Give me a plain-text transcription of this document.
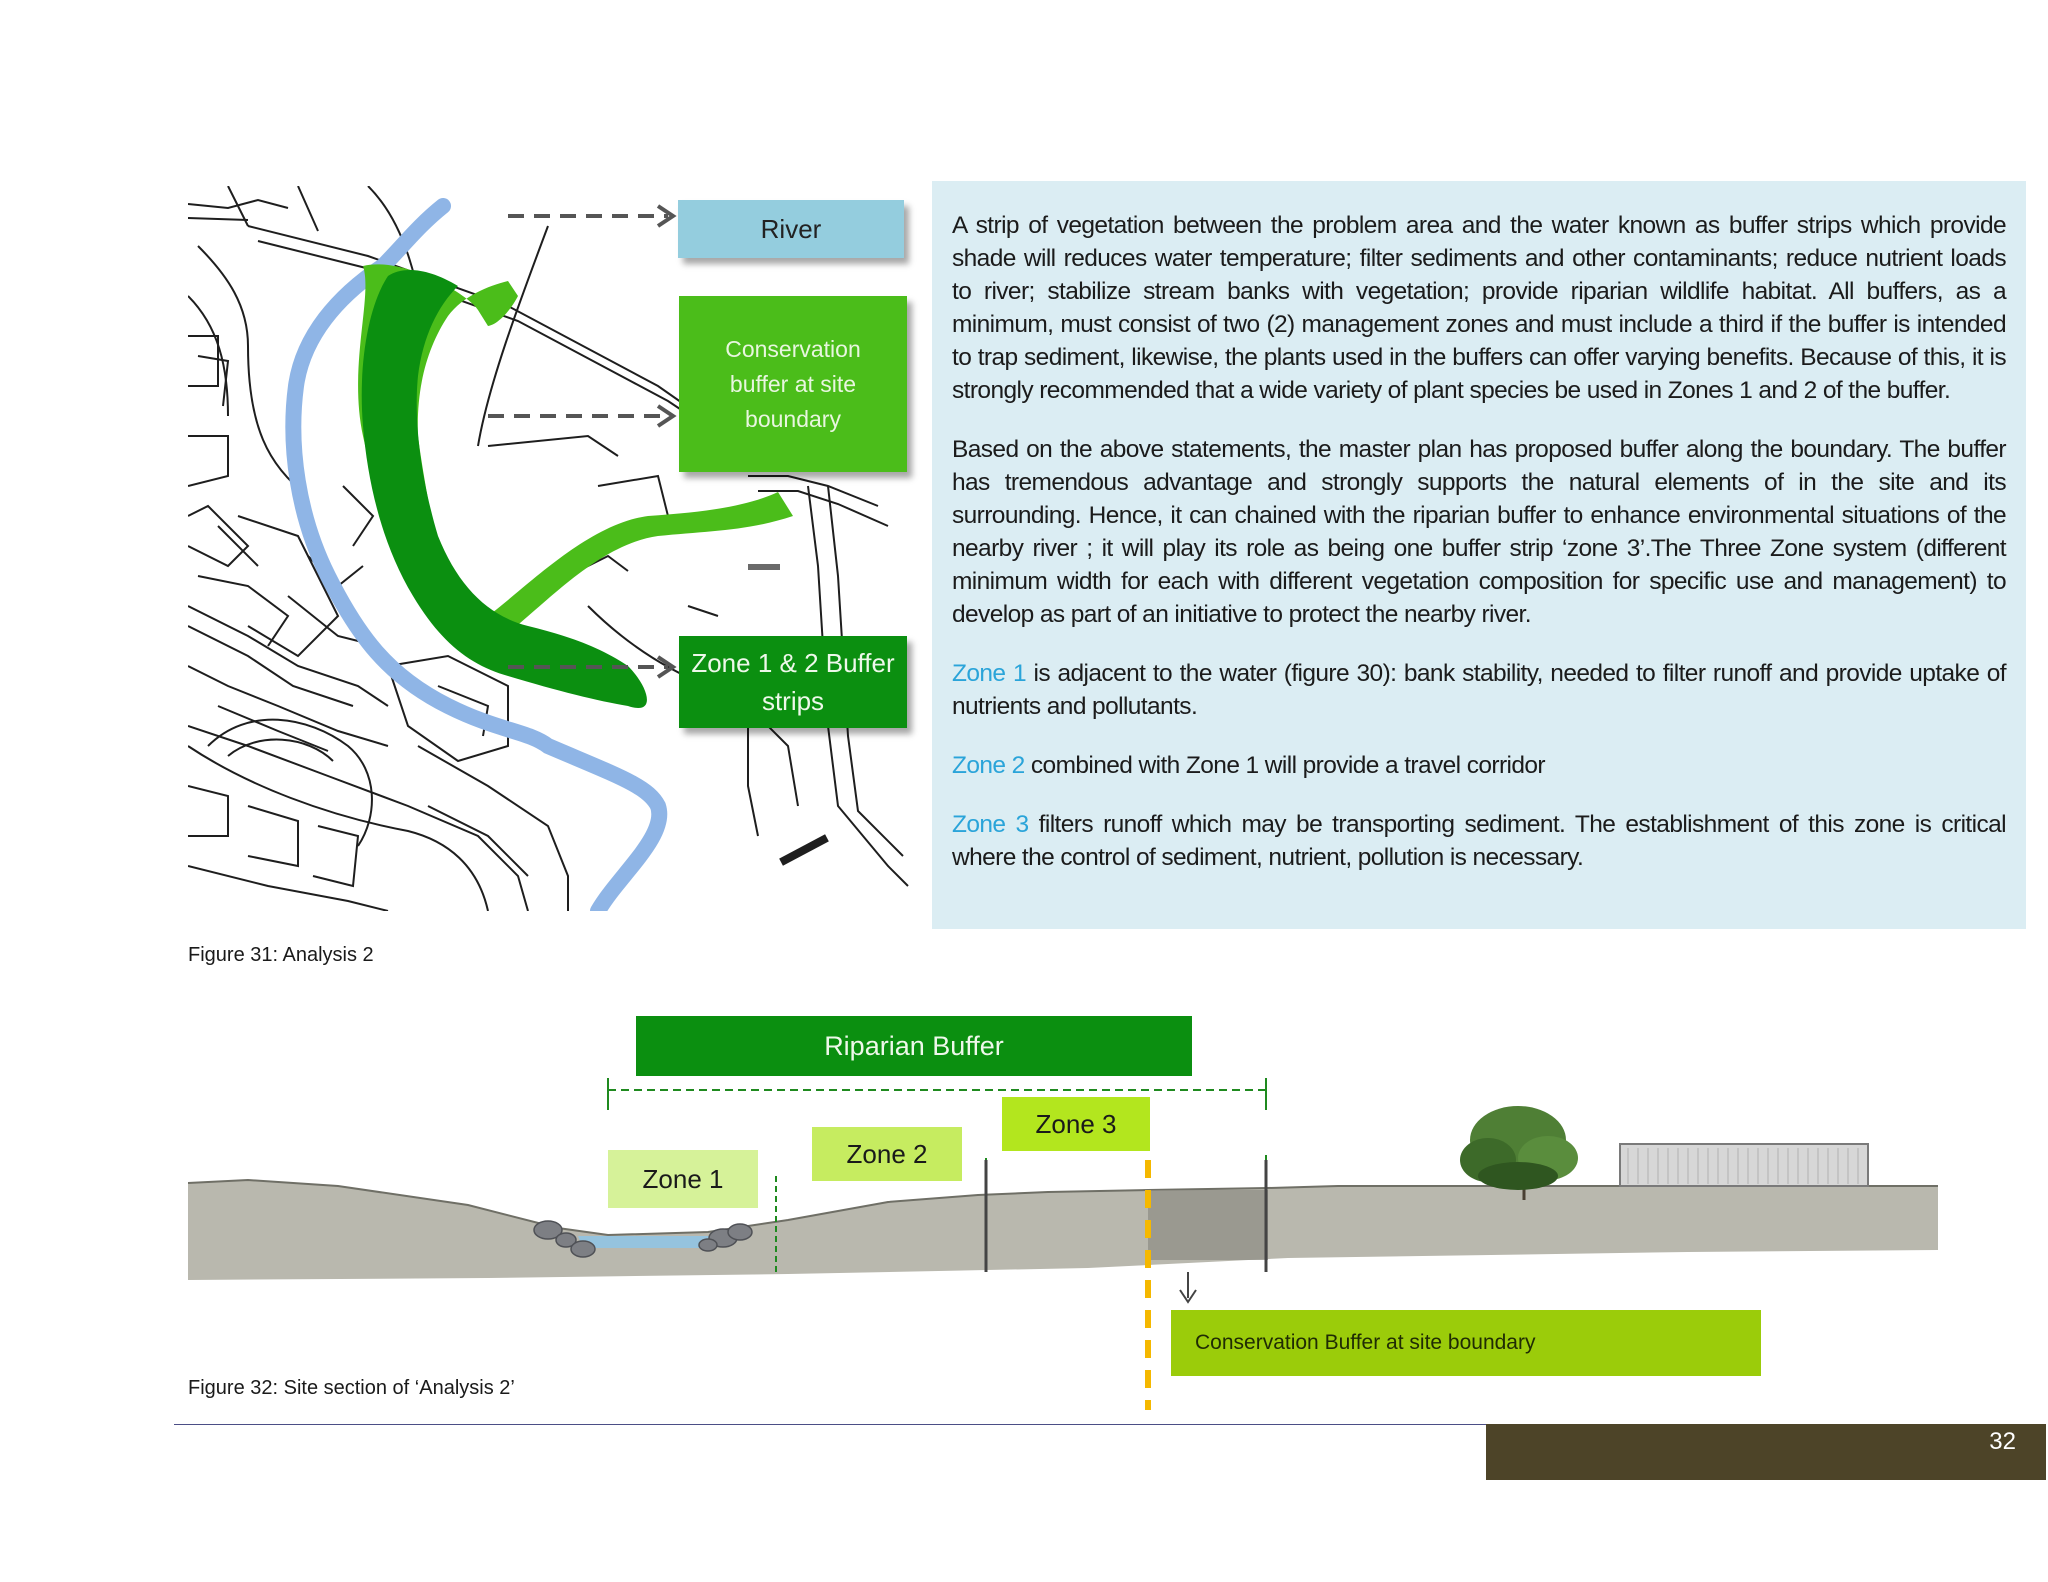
River
Conservation buffer at site boundary
Zone 1 & 2 Buffer strips
Figure 31: Analysis 2

A strip of vegetation between the problem area and the water known as buffer strips which provide shade will reduces water temperature; filter sediments and other contaminants; reduce nutrient loads to river; stabilize stream banks with vegetation; provide riparian wildlife habitat. All buffers, as a minimum, must consist of two (2) management zones and must include a third if the buffer is intended to trap sediment, likewise, the plants used in the buffers can offer varying benefits. Because of this, it is strongly recommended that a wide variety of plant species be used in Zones 1 and 2 of the buffer.

Based on the above statements, the master plan has proposed buffer along the boundary. The buffer has tremendous advantage and strongly supports the natural elements of in the site and its surrounding. Hence, it can chained with the riparian buffer to enhance environmental situations of the nearby river ; it will play its role as being one buffer strip ‘zone 3’.The Three Zone system (different minimum width for each with different vegetation composition for specific use and management) to develop as part of an initiative to protect the nearby river.

Zone 1 is adjacent to the water (figure 30): bank stability, needed to filter runoff and provide uptake of nutrients and pollutants.

Zone 2 combined with Zone 1 will provide a travel corridor

Zone 3 filters runoff which may be transporting sediment. The establishment of this zone is critical where the control of sediment, nutrient, pollution is necessary.

Riparian Buffer
Zone 1
Zone 2
Zone 3
Conservation Buffer at site boundary
Figure 32: Site section of ‘Analysis 2’
32
